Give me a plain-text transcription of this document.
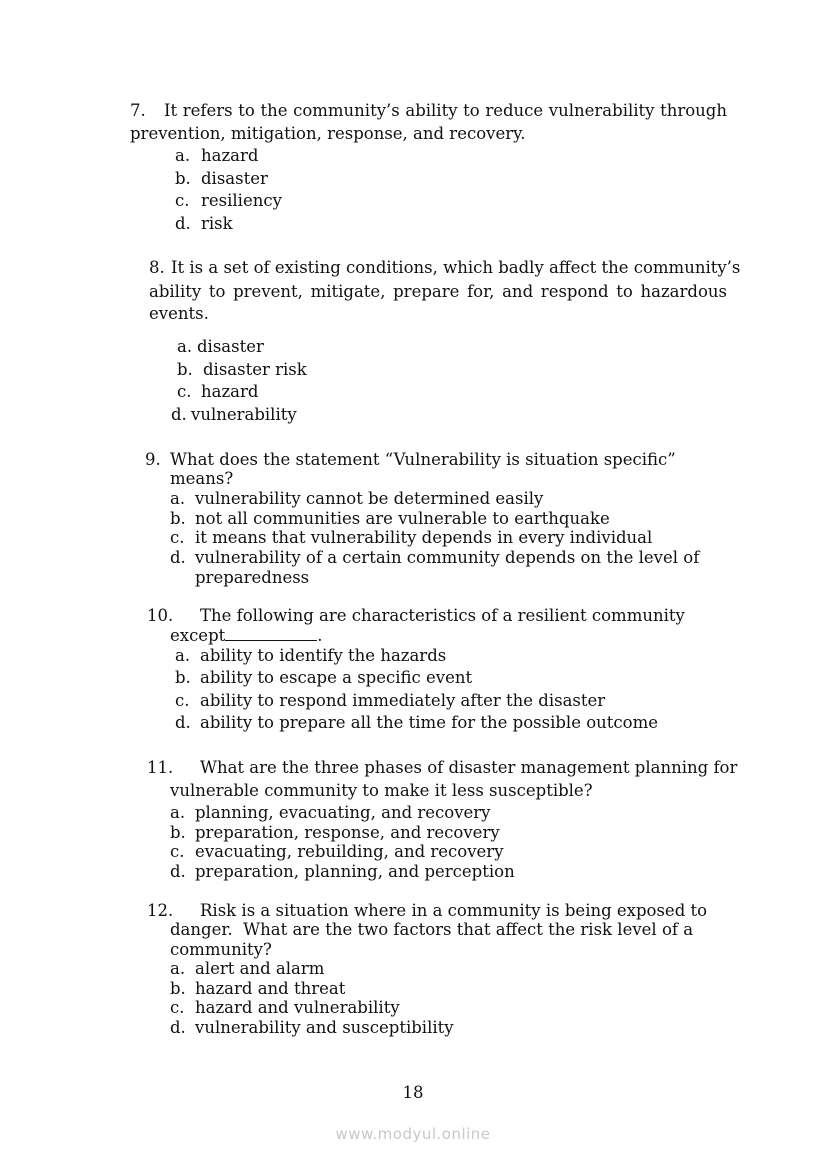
7. It refers to the community’s ability to reduce vulnerability through
prevention, mitigation, response, and recovery.
a. hazard
b. disaster
c. resiliency
d. risk
8. It is a set of existing conditions, which badly affect the community’s
ability to prevent, mitigate, prepare for, and respond to hazardous
events.
a. disaster
b. disaster risk
c. hazard
d. vulnerability
9. What does the statement “Vulnerability is situation specific”
means?
a. vulnerability cannot be determined easily
b. not all communities are vulnerable to earthquake
c. it means that vulnerability depends in every individual
d. vulnerability of a certain community depends on the level of
preparedness
10. The following are characteristics of a resilient community
except	.
a. ability to identify the hazards
b. ability to escape a specific event
c. ability to respond immediately after the disaster
d. ability to prepare all the time for the possible outcome
11. What are the three phases of disaster management planning for
vulnerable community to make it less susceptible?
a. planning, evacuating, and recovery
b. preparation, response, and recovery
c. evacuating, rebuilding, and recovery
d. preparation, planning, and perception
12. Risk is a situation where in a community is being exposed to
danger.  What are the two factors that affect the risk level of a
community?
a. alert and alarm
b. hazard and threat
c. hazard and vulnerability
d. vulnerability and susceptibility
18
www.modyul.online
